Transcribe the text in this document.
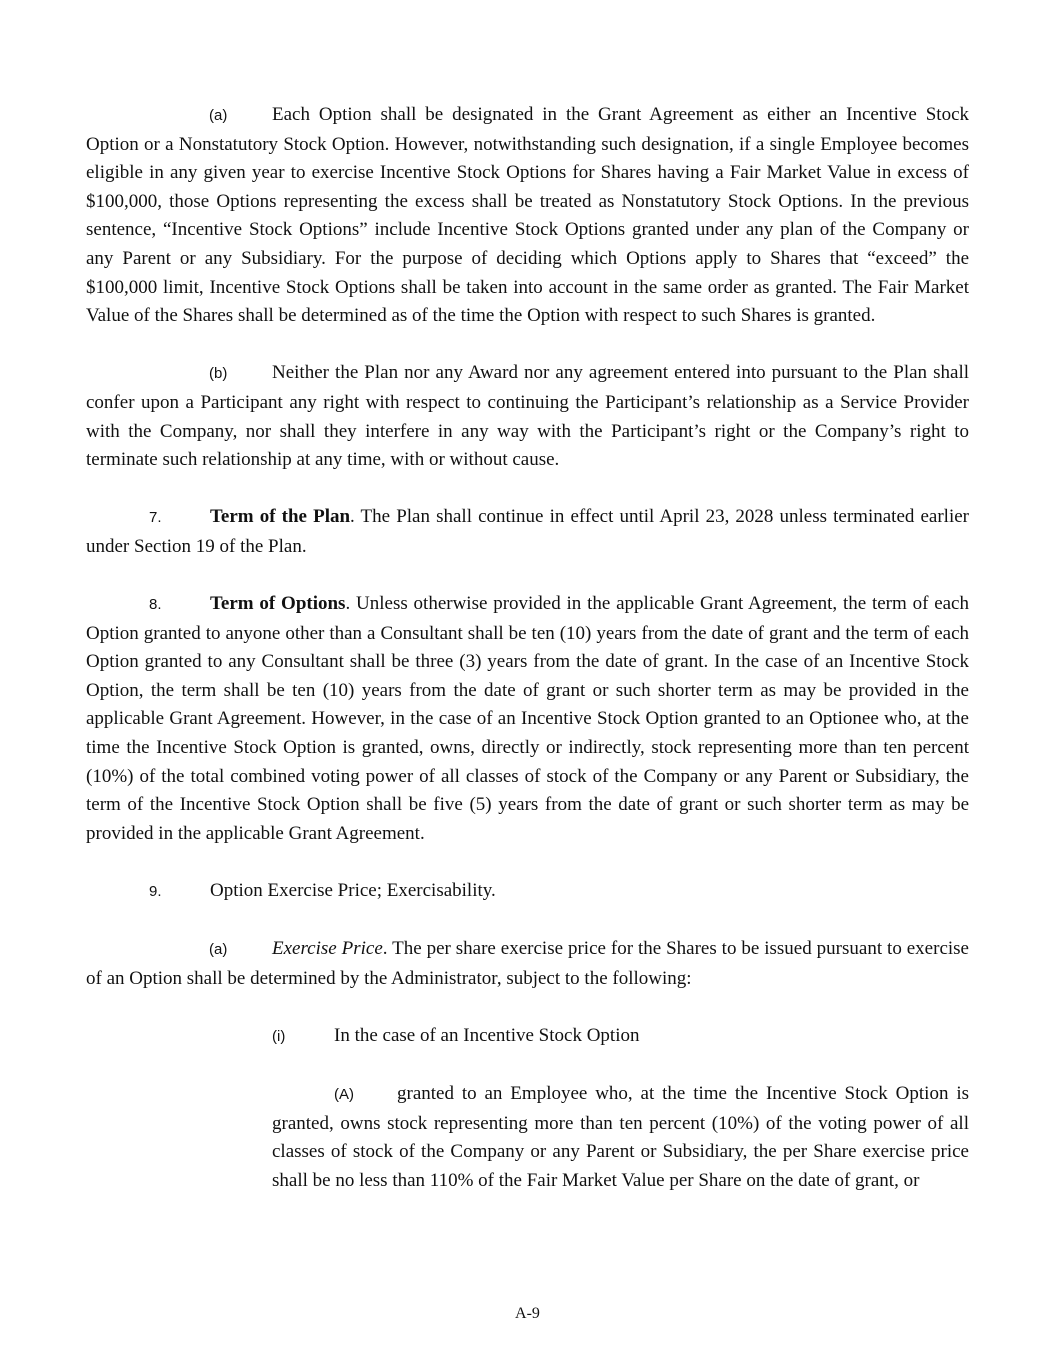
(a) Each Option shall be designated in the Grant Agreement as either an Incentive Stock Option or a Nonstatutory Stock Option. However, notwithstanding such designation, if a single Employee becomes eligible in any given year to exercise Incentive Stock Options for Shares having a Fair Market Value in excess of $100,000, those Options representing the excess shall be treated as Nonstatutory Stock Options. In the previous sentence, “Incentive Stock Options” include Incentive Stock Options granted under any plan of the Company or any Parent or any Subsidiary. For the purpose of deciding which Options apply to Shares that “exceed” the $100,000 limit, Incentive Stock Options shall be taken into account in the same order as granted. The Fair Market Value of the Shares shall be determined as of the time the Option with respect to such Shares is granted.

(b) Neither the Plan nor any Award nor any agreement entered into pursuant to the Plan shall confer upon a Participant any right with respect to continuing the Participant’s relationship as a Service Provider with the Company, nor shall they interfere in any way with the Participant’s right or the Company’s right to terminate such relationship at any time, with or without cause.

7.	Term of the Plan. The Plan shall continue in effect until April 23, 2028 unless terminated earlier under Section 19 of the Plan.

8.	Term of Options. Unless otherwise provided in the applicable Grant Agreement, the term of each Option granted to anyone other than a Consultant shall be ten (10) years from the date of grant and the term of each Option granted to any Consultant shall be three (3) years from the date of grant. In the case of an Incentive Stock Option, the term shall be ten (10) years from the date of grant or such shorter term as may be provided in the applicable Grant Agreement. However, in the case of an Incentive Stock Option granted to an Optionee who, at the time the Incentive Stock Option is granted, owns, directly or indirectly, stock representing more than ten percent (10%) of the total combined voting power of all classes of stock of the Company or any Parent or Subsidiary, the term of the Incentive Stock Option shall be five (5) years from the date of grant or such shorter term as may be provided in the applicable Grant Agreement.

9.	Option Exercise Price; Exercisability.

(a) Exercise Price. The per share exercise price for the Shares to be issued pursuant to exercise of an Option shall be determined by the Administrator, subject to the following:

(i)	In the case of an Incentive Stock Option

(A) granted to an Employee who, at the time the Incentive Stock Option is granted, owns stock representing more than ten percent (10%) of the voting power of all classes of stock of the Company or any Parent or Subsidiary, the per Share exercise price shall be no less than 110% of the Fair Market Value per Share on the date of grant, or

A-9
